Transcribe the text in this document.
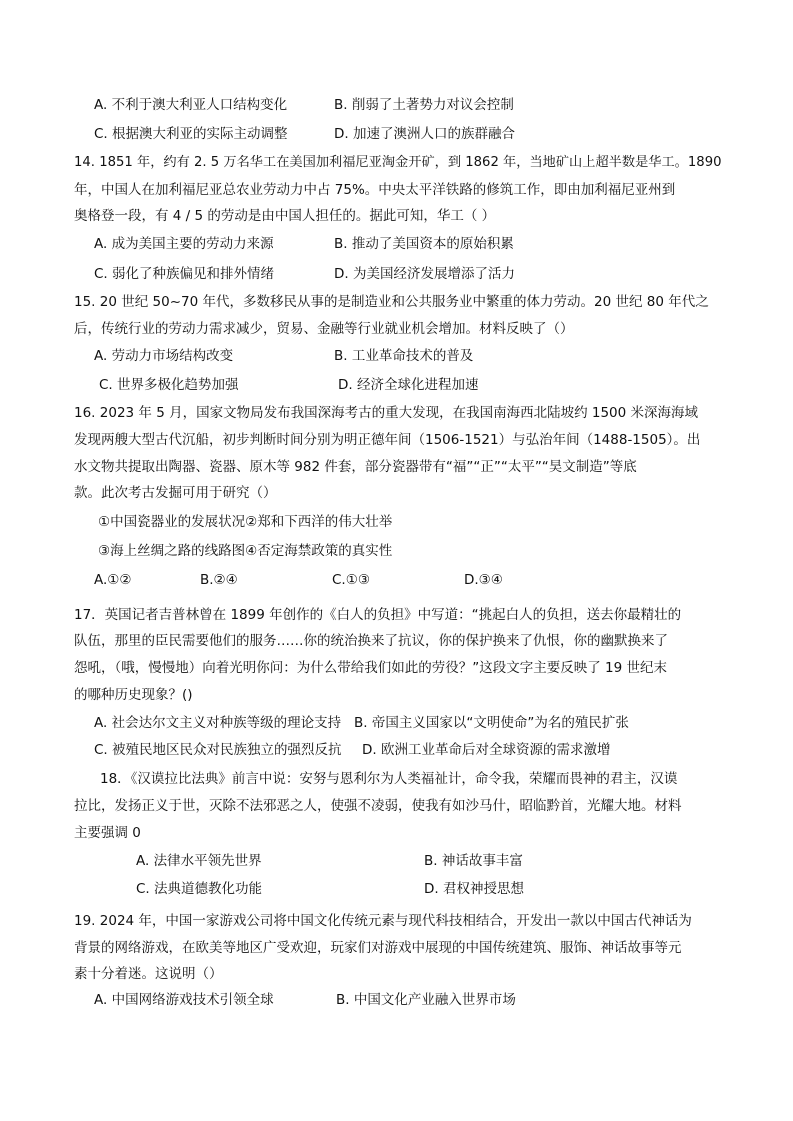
A. 不利于澳大利亚人口结构变化	B. 削弱了土著势力对议会控制
C. 根据澳大利亚的实际主动调整	D. 加速了澳洲人口的族群融合
14. 1851 年，约有 2. 5 万名华工在美国加利福尼亚淘金开矿，到 1862 年，当地矿山上超半数是华工。1890
年，中国人在加利福尼亚总农业劳动力中占 75%。中央太平洋铁路的修筑工作，即由加利福尼亚州到
奥格登一段，有 4 ∕ 5 的劳动是由中国人担任的。据此可知，华工（ ）
A. 成为美国主要的劳动力来源	B. 推动了美国资本的原始积累
C. 弱化了种族偏见和排外情绪	D. 为美国经济发展增添了活力
15. 20 世纪 50~70 年代，多数移民从事的是制造业和公共服务业中繁重的体力劳动。20 世纪 80 年代之
后，传统行业的劳动力需求减少，贸易、金融等行业就业机会增加。材料反映了（）
A. 劳动力市场结构改变	B. 工业革命技术的普及
C. 世界多极化趋势加强	D. 经济全球化进程加速
16. 2023 年 5 月，国家文物局发布我国深海考古的重大发现，在我国南海西北陆坡约 1500 米深海海域
发现两艘大型古代沉船，初步判断时间分别为明正德年间（1506-1521）与弘治年间（1488-1505）。出
水文物共提取出陶器、瓷器、原木等 982 件套，部分瓷器带有“福”“正”“太平”“昊文制造”等底
款。此次考古发掘可用于研究（）
①中国瓷器业的发展状况②郑和下西洋的伟大壮举
③海上丝绸之路的线路图④否定海禁政策的真实性
A.①②	B.②④	C.①③	D.③④
17．英国记者吉普林曾在 1899 年创作的《白人的负担》中写道：“挑起白人的负担，送去你最精壮的
队伍，那里的臣民需要他们的服务……你的统治换来了抗议，你的保护换来了仇恨，你的幽默换来了
怨吼，（哦，慢慢地）向着光明你问：为什么带给我们如此的劳役？”这段文字主要反映了 19 世纪末
的哪种历史现象？()
A. 社会达尔文主义对种族等级的理论支持 B. 帝国主义国家以“文明使命”为名的殖民扩张
C. 被殖民地区民众对民族独立的强烈反抗 D. 欧洲工业革命后对全球资源的需求激增
18．《汉谟拉比法典》前言中说：安努与恩利尔为人类福祉计，命令我，荣耀而畏神的君主，汉谟
拉比，发扬正义于世，灭除不法邪恶之人，使强不凌弱，使我有如沙马什，昭临黔首，光耀大地。材料
主要强调 0
A. 法律水平领先世界	B. 神话故事丰富
C. 法典道德教化功能	D. 君权神授思想
19. 2024 年，中国一家游戏公司将中国文化传统元素与现代科技相结合，开发出一款以中国古代神话为
背景的网络游戏，在欧美等地区广受欢迎，玩家们对游戏中展现的中国传统建筑、服饰、神话故事等元
素十分着迷。这说明（）
A. 中国网络游戏技术引领全球	B. 中国文化产业融入世界市场
